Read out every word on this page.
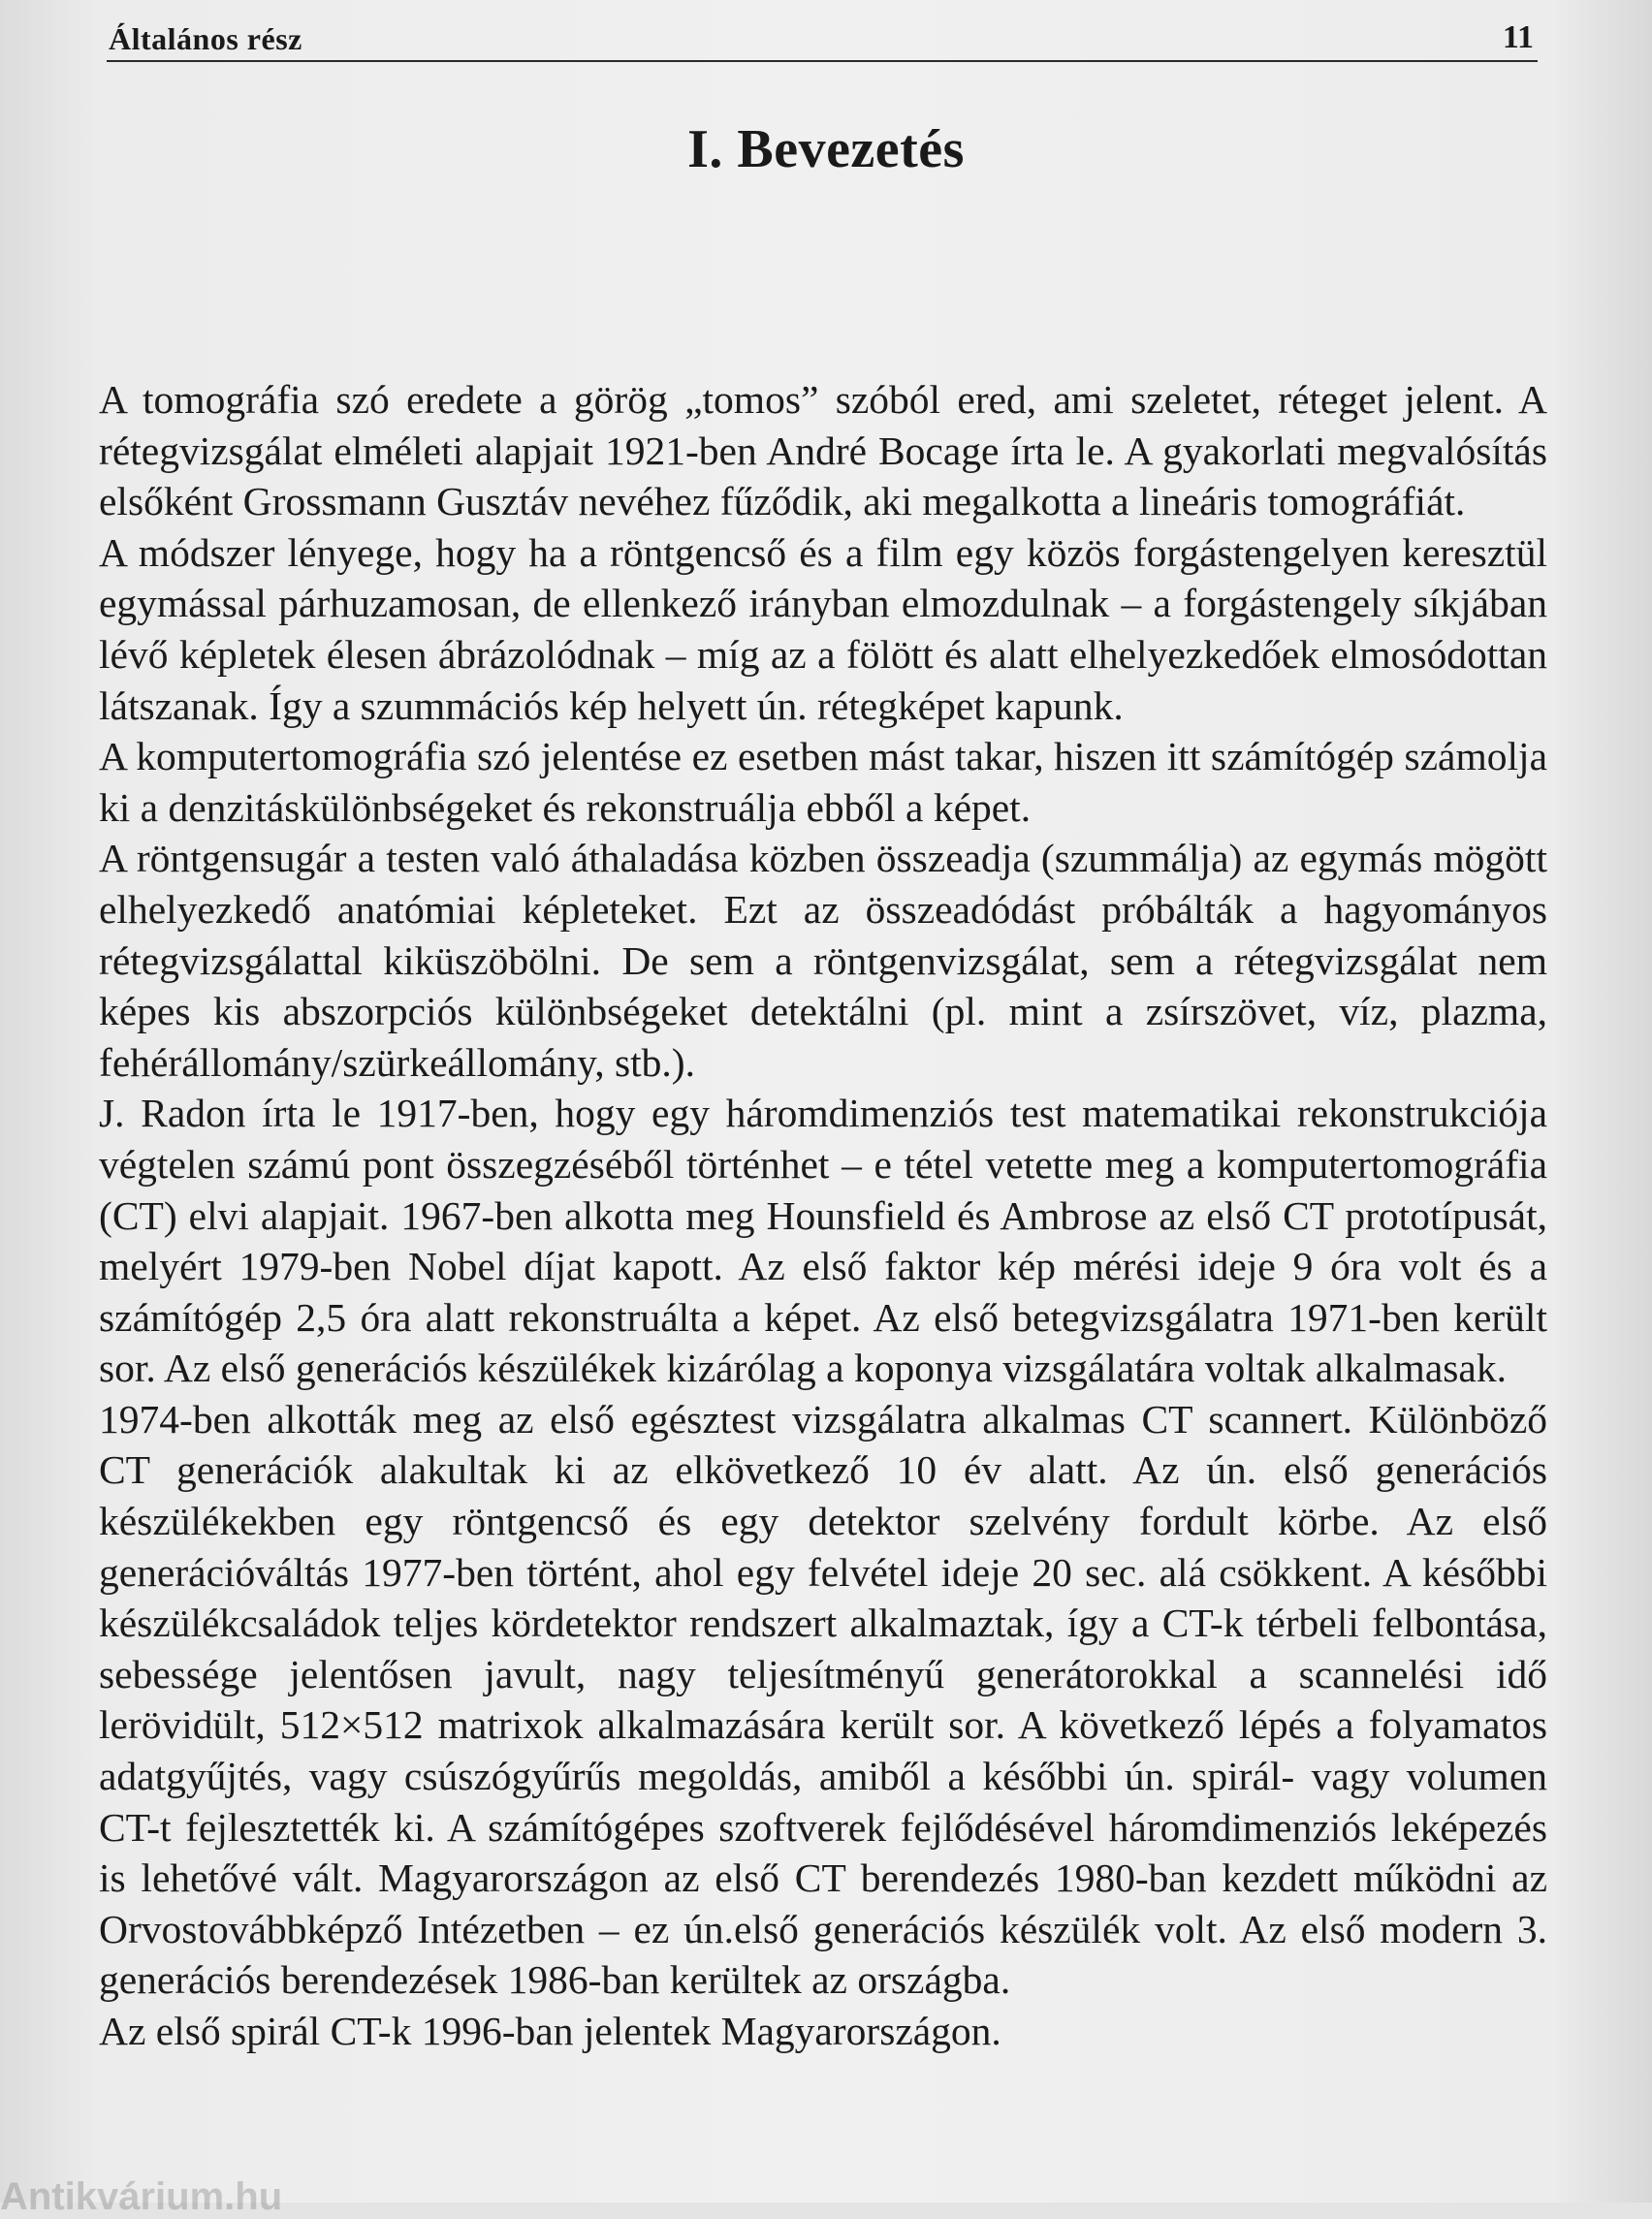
Általános rész	11
I. Bevezetés

A tomográfia szó eredete a görög „tomos” szóból ered, ami szeletet, réteget jelent. A rétegvizsgálat elméleti alapjait 1921-ben André Bocage írta le. A gyakorlati megvalósítás elsőként Grossmann Gusztáv nevéhez fűződik, aki megalkotta a lineáris tomográfiát.

A módszer lényege, hogy ha a röntgencső és a film egy közös forgástengelyen keresztül egymással párhuzamosan, de ellenkező irányban elmozdulnak – a forgástengely síkjában lévő képletek élesen ábrázolódnak – míg az a fölött és alatt elhelyezkedőek elmosódottan látszanak. Így a szummációs kép helyett ún. rétegképet kapunk.

A komputertomográfia szó jelentése ez esetben mást takar, hiszen itt számítógép számolja ki a denzitáskülönbségeket és rekonstruálja ebből a képet.

A röntgensugár a testen való áthaladása közben összeadja (szummálja) az egymás mögött elhelyezkedő anatómiai képleteket. Ezt az összeadódást próbálták a hagyományos rétegvizsgálattal kiküszöbölni. De sem a röntgenvizsgálat, sem a rétegvizsgálat nem képes kis abszorpciós különbségeket detektálni (pl. mint a zsírszövet, víz, plazma, fehérállomány/szürkeállomány, stb.).

J. Radon írta le 1917-ben, hogy egy háromdimenziós test matematikai rekonstrukciója végtelen számú pont összegzéséből történhet – e tétel vetette meg a komputertomográfia (CT) elvi alapjait. 1967-ben alkotta meg Hounsfield és Ambrose az első CT prototípusát, melyért 1979-ben Nobel díjat kapott. Az első faktor kép mérési ideje 9 óra volt és a számítógép 2,5 óra alatt rekonstruálta a képet. Az első betegvizsgálatra 1971-ben került sor. Az első generációs készülékek kizárólag a koponya vizsgálatára voltak alkalmasak.

1974-ben alkották meg az első egésztest vizsgálatra alkalmas CT scannert. Különböző CT generációk alakultak ki az elkövetkező 10 év alatt. Az ún. első generációs készülékekben egy röntgencső és egy detektor szelvény fordult körbe. Az első generációváltás 1977-ben történt, ahol egy felvétel ideje 20 sec. alá csökkent. A későbbi készülékcsaládok teljes kördetektor rendszert alkalmaztak, így a CT-k térbeli felbontása, sebessége jelentősen javult, nagy teljesítményű generátorokkal a scannelési idő lerövidült, 512×512 matrixok alkalmazására került sor. A következő lépés a folyamatos adatgyűjtés, vagy csúszógyűrűs megoldás, amiből a későbbi ún. spirál- vagy volumen CT-t fejlesztették ki. A számítógépes szoftverek fejlődésével háromdimenziós leképezés is lehetővé vált. Magyarországon az első CT berendezés 1980-ban kezdett működni az Orvostovábbképző Intézetben – ez ún.első generációs készülék volt. Az első modern 3. generációs berendezések 1986-ban kerültek az országba.

Az első spirál CT-k 1996-ban jelentek Magyarországon.

Antikvárium.hu
